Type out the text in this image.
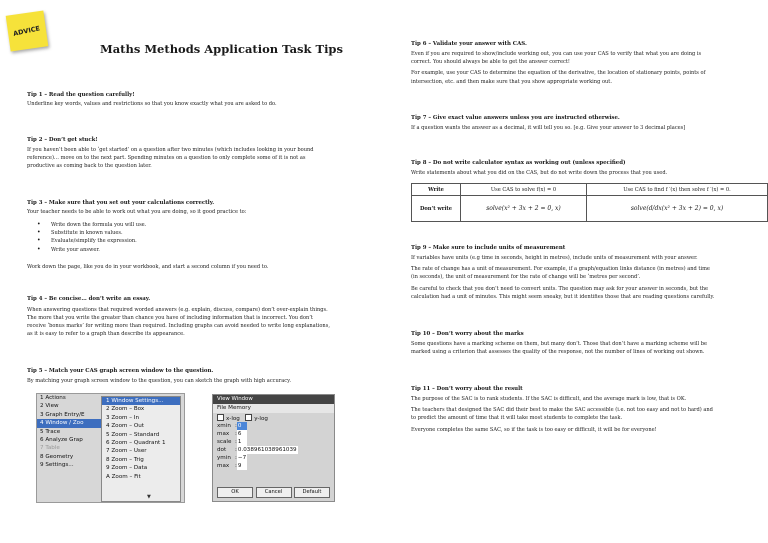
ADVICE
Maths Methods Application Task Tips
Tip 1 – Read the question carefully!
Underline key words, values and restrictions so that you know exactly what you are asked to do.
Tip 2 – Don’t get stuck!
If you haven’t been able to ‘get started’ on a question after two minutes (which includes looking in your bound
reference)… move on to the next part. Spending minutes on a question to only complete some of it is not as
productive as coming back to the question later.
Tip 3 – Make sure that you set out your calculations correctly.
Your teacher needs to be able to work out what you are doing, so it good practice to:
• Write down the formula you will use.
• Substitute in known values.
• Evaluate/simplify the expression.
• Write your answer.
Work down the page, like you do in your workbook, and start a second column if you need to.
Tip 4 – Be concise… don’t write an essay.
When answering questions that required worded answers (e.g. explain, discuss, compare) don’t over-explain things.
The more that you write the greater than chance you have of including information that is incorrect. You don’t
receive ‘bonus marks’ for writing more than required. Including graphs can avoid needed to write long explanations,
as it is easy to refer to a graph than describe its appearance.
Tip 5 – Match your CAS graph screen window to the question.
By matching your graph screen window to the question, you can sketch the graph with high accuracy.
1 Actions
2 View
3 Graph Entry/E
4 Window / Zoo
5 Trace
6 Analyze Grap
7 Table
8 Geometry
9 Settings...
1 Window Settings...
2 Zoom – Box
3 Zoom – In
4 Zoom – Out
5 Zoom – Standard
6 Zoom – Quadrant 1
7 Zoom – User
8 Zoom – Trig
9 Zoom – Data
A Zoom – Fit
▼
View Window
File Memory
x-log	y-log
xmin 0
max 6
scale 1
dot 0.038961038961039
ymin −7
max 9
OK	Cancel	Default
Tip 6 – Validate your answer with CAS.
Even if you are required to show/include working out, you can use your CAS to verify that what you are doing is
correct. You should always be able to get the answer correct!
For example, use your CAS to determine the equation of the derivative, the location of stationary points, points of
intersection, etc. and then make sure that you show appropriate working out.
Tip 7 – Give exact value answers unless you are instructed otherwise.
If a question wants the answer as a decimal, it will tell you so. [e.g. Give your answer to 3 decimal places]
Tip 8 – Do not write calculator syntax as working out (unless specified)
Write statements about what you did on the CAS, but do not write down the process that you used.
Write	Use CAS to solve f(x) = 0	Use CAS to find f ′(x) then solve f ′(x) = 0.
Don’t write	solve(x² + 3x + 2 = 0, x)	solve(d/dx(x² + 3x + 2) = 0, x)
Tip 9 – Make sure to include units of measurement
If variables have units (e.g time in seconds, height in metres), include units of measurement with your answer.
The rate of change has a unit of measurement. For example, if a graph/equation links distance (in metres) and time
(in seconds), the unit of measurement for the rate of change will be ‘metres per second’.
Be careful to check that you don’t need to convert units. The question may ask for your answer in seconds, but the
calculation had a unit of minutes. This might seem sneaky, but it identifies those that are reading questions carefully.
Tip 10 – Don’t worry about the marks
Some questions have a marking scheme on them, but many don’t. Those that don’t have a marking scheme will be
marked using a criterion that assesses the quality of the response, not the number of lines of working out shown.
Tip 11 – Don’t worry about the result
The purpose of the SAC is to rank students. If the SAC is difficult, and the average mark is low, that is OK.
The teachers that designed the SAC did their best to make the SAC accessible (i.e. not too easy and not to hard) and
to predict the amount of time that it will take most students to complete the task.
Everyone completes the same SAC, so if the task is too easy or difficult, it will be for everyone!
